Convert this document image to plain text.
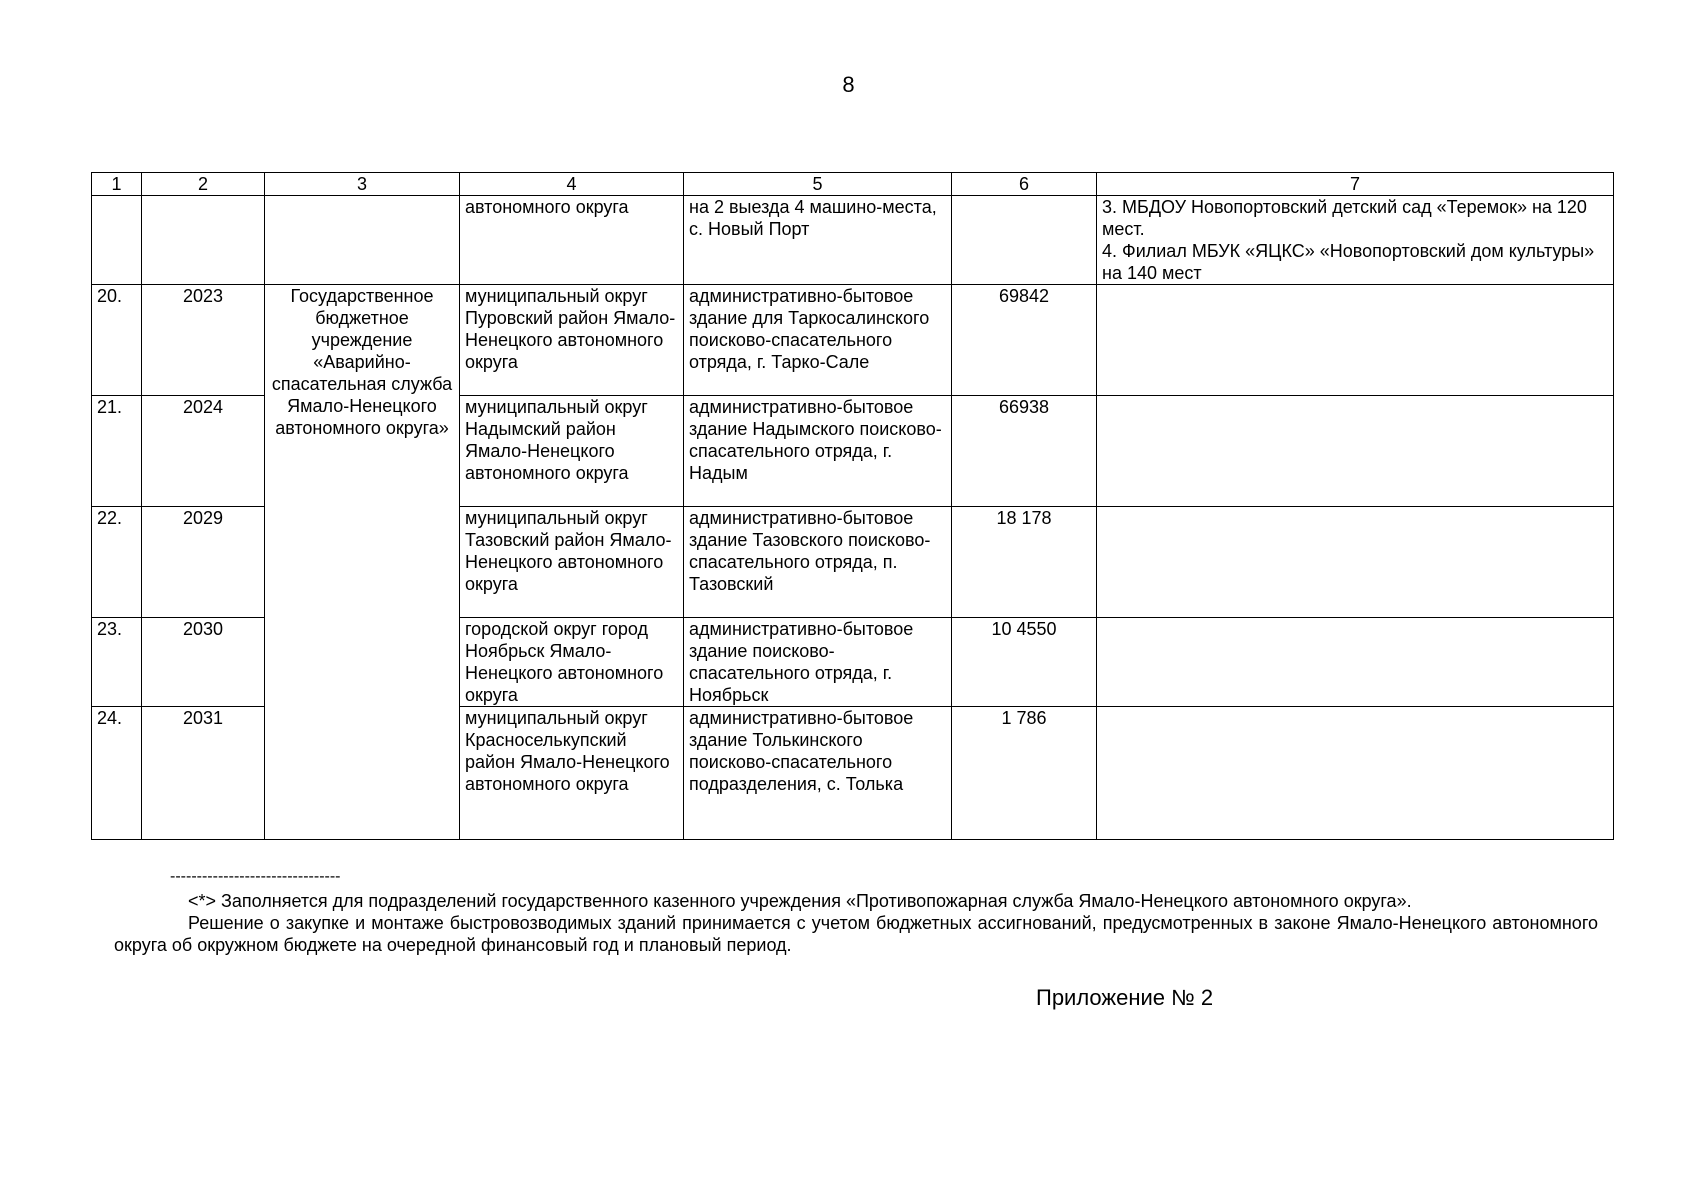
8
1	2	3	4	5	6	7
			автономного округа	на 2 выезда 4 машино-места, с. Новый Порт		3. МБДОУ Новопортовский детский сад «Теремок» на 120 мест.
4. Филиал МБУК «ЯЦКС» «Новопортовский дом культуры» на 140 мест

20.	2023	Государственное бюджетное учреждение «Аварийно-спасательная служба Ямало-Ненецкого автономного округа»	муниципальный округ Пуровский район Ямало-Ненецкого автономного округа	административно-бытовое здание для Таркосалинского поисково-спасательного отряда, г. Тарко-Сале	69842	
21.	2024		муниципальный округ Надымский район Ямало-Ненецкого автономного округа	административно-бытовое здание Надымского поисково-спасательного отряда, г. Надым	66938	
22.	2029		муниципальный округ Тазовский район Ямало-Ненецкого автономного округа	административно-бытовое здание Тазовского поисково-спасательного отряда, п. Тазовский	18 178	
23.	2030		городской округ город Ноябрьск Ямало-Ненецкого автономного округа	административно-бытовое здание поисково-спасательного отряда, г. Ноябрьск	10 4550	
24.	2031		муниципальный округ Красноселькупский район Ямало-Ненецкого автономного округа	административно-бытовое здание Толькинского поисково-спасательного подразделения, с. Толька	1 786	
--------------------------------
<*> Заполняется для подразделений государственного казенного учреждения «Противопожарная служба Ямало-Ненецкого автономного округа».
Решение о закупке и монтаже быстровозводимых зданий принимается с учетом бюджетных ассигнований, предусмотренных в законе Ямало-Ненецкого автономного округа об окружном бюджете на очередной финансовый год и плановый период.
Приложение № 2
